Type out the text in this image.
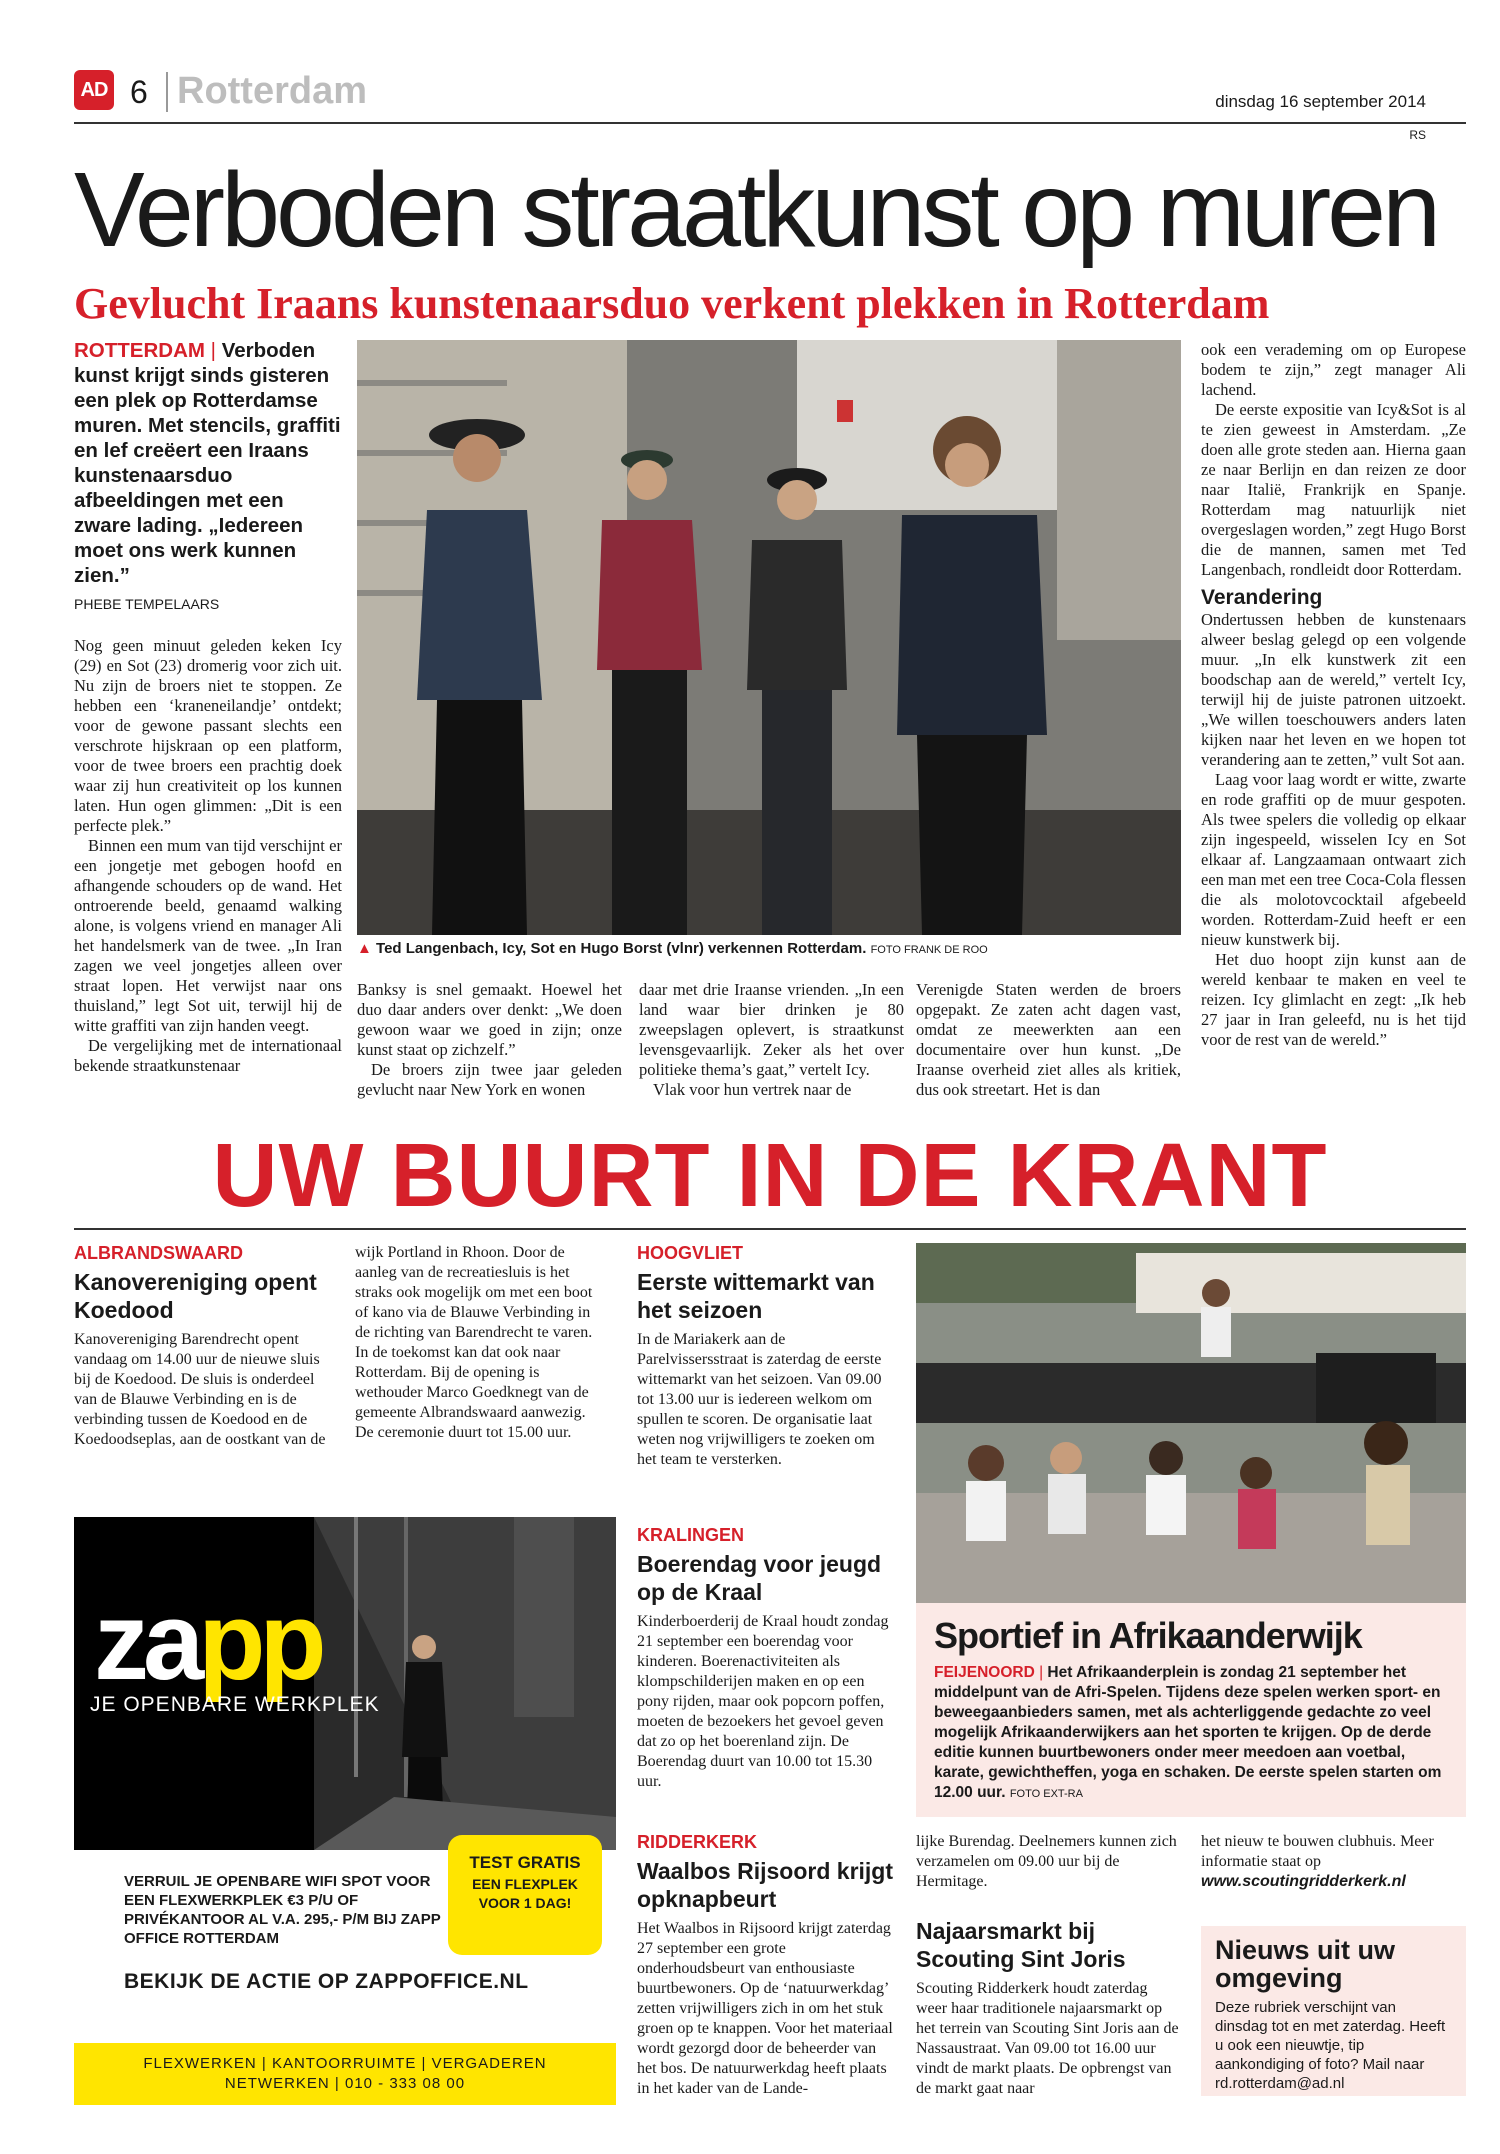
AD 6 Rotterdam	dinsdag 16 september 2014
RS
Verboden straatkunst op muren
Gevlucht Iraans kunstenaarsduo verkent plekken in Rotterdam
ROTTERDAM | Verboden kunst krijgt sinds gisteren een plek op Rotterdamse muren. Met stencils, graffiti en lef creëert een Iraans kunstenaarsduo afbeeldingen met een zware lading. „Iedereen moet ons werk kunnen zien.”
PHEBE TEMPELAARS

Nog geen minuut geleden keken Icy (29) en Sot (23) dromerig voor zich uit. Nu zijn de broers niet te stoppen. Ze hebben een ‘kraneneilandje’ ontdekt; voor de gewone passant slechts een verschrote hijskraan op een platform, voor de twee broers een prachtig doek waar zij hun creativiteit op los kunnen laten. Hun ogen glimmen: „Dit is een perfecte plek.”

Binnen een mum van tijd verschijnt er een jongetje met gebogen hoofd en afhangende schouders op de wand. Het ontroerende beeld, genaamd walking alone, is volgens vriend en manager Ali het handelsmerk van de twee. „In Iran zagen we veel jongetjes alleen over straat lopen. Het verwijst naar ons thuisland,” legt Sot uit, terwijl hij de witte graffiti van zijn handen veegt.

De vergelijking met de internationaal bekende straatkunstenaar

▲ Ted Langenbach, Icy, Sot en Hugo Borst (vlnr) verkennen Rotterdam. FOTO FRANK DE ROO

Banksy is snel gemaakt. Hoewel het duo daar anders over denkt: „We doen gewoon waar we goed in zijn; onze kunst staat op zichzelf.”

De broers zijn twee jaar geleden gevlucht naar New York en wonen

daar met drie Iraanse vrienden. „In een land waar bier drinken je 80 zweepslagen oplevert, is straatkunst levensgevaarlijk. Zeker als het over politieke thema’s gaat,” vertelt Icy.

Vlak voor hun vertrek naar de

Verenigde Staten werden de broers opgepakt. Ze zaten acht dagen vast, omdat ze meewerkten aan een documentaire over hun kunst. „De Iraanse overheid ziet alles als kritiek, dus ook streetart. Het is dan

ook een verademing om op Europese bodem te zijn,” zegt manager Ali lachend.

De eerste expositie van Icy&Sot is al te zien geweest in Amsterdam. „Ze doen alle grote steden aan. Hierna gaan ze naar Berlijn en dan reizen ze door naar Italië, Frankrijk en Spanje. Rotterdam mag natuurlijk niet overgeslagen worden,” zegt Hugo Borst die de mannen, samen met Ted Langenbach, rondleidt door Rotterdam.

Verandering

Ondertussen hebben de kunstenaars alweer beslag gelegd op een volgende muur. „In elk kunstwerk zit een boodschap aan de wereld,” vertelt Icy, terwijl hij de juiste patronen uitzoekt. „We willen toeschouwers anders laten kijken naar het leven en we hopen tot verandering aan te zetten,” vult Sot aan.

Laag voor laag wordt er witte, zwarte en rode graffiti op de muur gespoten. Als twee spelers die volledig op elkaar zijn ingespeeld, wisselen Icy en Sot elkaar af. Langzaamaan ontwaart zich een man met een tree Coca-Cola flessen die als molotovcocktail afgebeeld worden. Rotterdam-Zuid heeft er een nieuw kunstwerk bij.

Het duo hoopt zijn kunst aan de wereld kenbaar te maken en veel te reizen. Icy glimlacht en zegt: „Ik heb 27 jaar in Iran geleefd, nu is het tijd voor de rest van de wereld.”

UW BUURT IN DE KRANT
ALBRANDSWAARD
Kanovereniging opent Koedood
Kanovereniging Barendrecht opent vandaag om 14.00 uur de nieuwe sluis bij de Koedood. De sluis is onderdeel van de Blauwe Verbinding en is de verbinding tussen de Koedood en de Koedoodseplas, aan de oostkant van de
wijk Portland in Rhoon. Door de aanleg van de recreatiesluis is het straks ook mogelijk om met een boot of kano via de Blauwe Verbinding in de richting van Barendrecht te varen. In de toekomst kan dat ook naar Rotterdam. Bij de opening is wethouder Marco Goedknegt van de gemeente Albrandswaard aanwezig. De ceremonie duurt tot 15.00 uur.
HOOGVLIET
Eerste wittemarkt van het seizoen
In de Mariakerk aan de Parelvissersstraat is zaterdag de eerste wittemarkt van het seizoen. Van 09.00 tot 13.00 uur is iedereen welkom om spullen te scoren. De organisatie laat weten nog vrijwilligers te zoeken om het team te versterken.
KRALINGEN
Boerendag voor jeugd op de Kraal
Kinderboerderij de Kraal houdt zondag 21 september een boerendag voor kinderen. Boerenactiviteiten als klompschilderijen maken en op een pony rijden, maar ook popcorn poffen, moeten de bezoekers het gevoel geven dat zo op het boerenland zijn. De Boerendag duurt van 10.00 tot 15.30 uur.
RIDDERKERK
Waalbos Rijsoord krijgt opknapbeurt
Het Waalbos in Rijsoord krijgt zaterdag 27 september een grote onderhoudsbeurt van enthousiaste buurtbewoners. Op de ‘natuurwerkdag’ zetten vrijwilligers zich in om het stuk groen op te knappen. Voor het materiaal wordt gezorgd door de beheerder van het bos. De natuurwerkdag heeft plaats in het kader van de Lande-
lijke Burendag. Deelnemers kunnen zich verzamelen om 09.00 uur bij de Hermitage.
Najaarsmarkt bij Scouting Sint Joris
Scouting Ridderkerk houdt zaterdag weer haar traditionele najaarsmarkt op het terrein van Scouting Sint Joris aan de Nassaustraat. Van 09.00 tot 16.00 uur vindt de markt plaats. De opbrengst van de markt gaat naar
het nieuw te bouwen clubhuis. Meer informatie staat op www.scoutingridderkerk.nl
Sportief in Afrikaanderwijk
FEIJENOORD | Het Afrikaanderplein is zondag 21 september het middelpunt van de Afri-Spelen. Tijdens deze spelen werken sport- en beweegaanbieders samen, met als achterliggende gedachte zo veel mogelijk Afrikaanderwijkers aan het sporten te krijgen. Op de derde editie kunnen buurtbewoners onder meer meedoen aan voetbal, karate, gewichtheffen, yoga en schaken. De eerste spelen starten om 12.00 uur. FOTO EXT-RA
zapp
JE OPENBARE WERKPLEK
VERRUIL JE OPENBARE WIFI SPOT VOOR EEN FLEXWERKPLEK €3 P/U OF PRIVÉKANTOOR AL V.A. 295,- P/M BIJ ZAPP OFFICE ROTTERDAM
BEKIJK DE ACTIE OP ZAPPOFFICE.NL
TEST GRATIS
EEN FLEXPLEK VOOR 1 DAG!
FLEXWERKEN | KANTOORRUIMTE | VERGADEREN
NETWERKEN | 010 - 333 08 00
Nieuws uit uw omgeving
Deze rubriek verschijnt van dinsdag tot en met zaterdag. Heeft u ook een nieuwtje, tip aankondiging of foto? Mail naar rd.rotterdam@ad.nl
